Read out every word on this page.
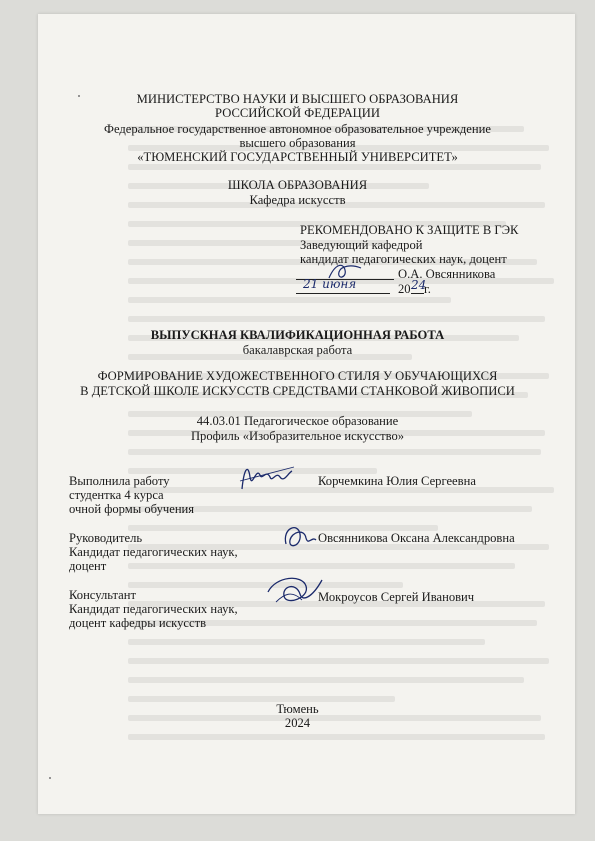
МИНИСТЕРСТВО НАУКИ И ВЫСШЕГО ОБРАЗОВАНИЯ
РОССИЙСКОЙ ФЕДЕРАЦИИ
Федеральное государственное автономное образовательное учреждение
высшего образования
«ТЮМЕНСКИЙ ГОСУДАРСТВЕННЫЙ УНИВЕРСИТЕТ»
ШКОЛА ОБРАЗОВАНИЯ
Кафедра искусств
РЕКОМЕНДОВАНО К ЗАЩИТЕ В ГЭК
Заведующий кафедрой
кандидат педагогических наук, доцент
О.А. Овсянникова
21 июня	20 24
г.
ВЫПУСКНАЯ КВАЛИФИКАЦИОННАЯ РАБОТА
бакалаврская работа
ФОРМИРОВАНИЕ ХУДОЖЕСТВЕННОГО СТИЛЯ У ОБУЧАЮЩИХСЯ
В ДЕТСКОЙ ШКОЛЕ ИСКУССТВ СРЕДСТВАМИ СТАНКОВОЙ ЖИВОПИСИ
44.03.01 Педагогическое образование
Профиль «Изобразительное искусство»
Выполнила работу
студентка 4 курса
очной формы обучения
Корчемкина Юлия Сергеевна
Руководитель
Кандидат педагогических наук,
доцент
Овсянникова Оксана Александровна
Консультант
Кандидат педагогических наук,
доцент кафедры искусств
Мокроусов Сергей Иванович
Тюмень
2024
